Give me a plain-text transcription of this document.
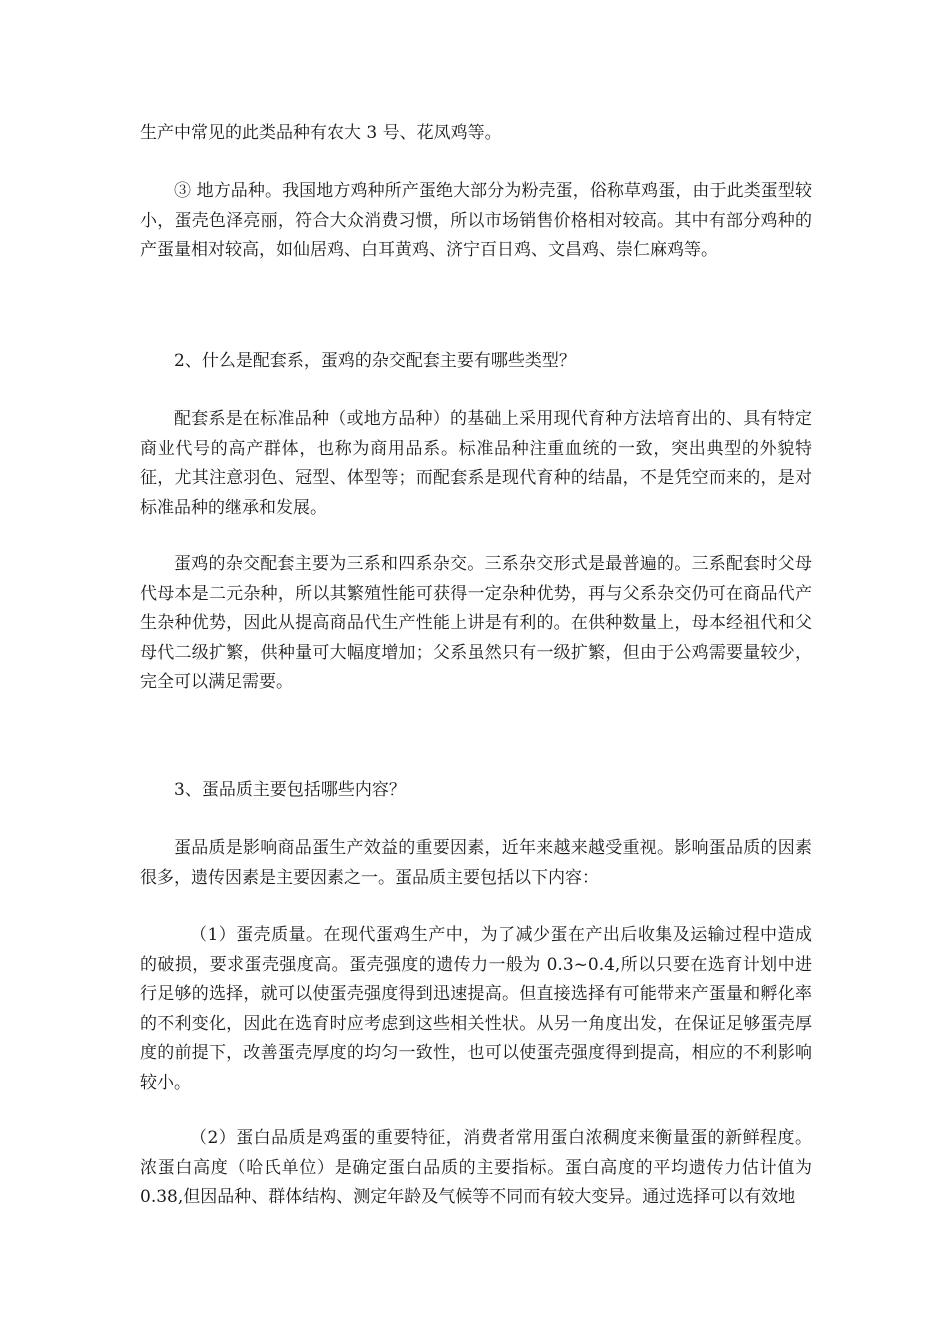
生产中常见的此类品种有农大 3 号、花凤鸡等。

③ 地方品种。我国地方鸡种所产蛋绝大部分为粉壳蛋，俗称草鸡蛋，由于此类蛋型较小，蛋壳色泽亮丽，符合大众消费习惯，所以市场销售价格相对较高。其中有部分鸡种的产蛋量相对较高，如仙居鸡、白耳黄鸡、济宁百日鸡、文昌鸡、崇仁麻鸡等。

2、什么是配套系，蛋鸡的杂交配套主要有哪些类型？

配套系是在标准品种（或地方品种）的基础上采用现代育种方法培育出的、具有特定商业代号的高产群体，也称为商用品系。标准品种注重血统的一致，突出典型的外貌特征，尤其注意羽色、冠型、体型等；而配套系是现代育种的结晶，不是凭空而来的，是对标准品种的继承和发展。

蛋鸡的杂交配套主要为三系和四系杂交。三系杂交形式是最普遍的。三系配套时父母代母本是二元杂种，所以其繁殖性能可获得一定杂种优势，再与父系杂交仍可在商品代产生杂种优势，因此从提高商品代生产性能上讲是有利的。在供种数量上，母本经祖代和父母代二级扩繁，供种量可大幅度增加；父系虽然只有一级扩繁，但由于公鸡需要量较少，完全可以满足需要。

3、蛋品质主要包括哪些内容？

蛋品质是影响商品蛋生产效益的重要因素，近年来越来越受重视。影响蛋品质的因素很多，遗传因素是主要因素之一。蛋品质主要包括以下内容：

（1）蛋壳质量。在现代蛋鸡生产中，为了减少蛋在产出后收集及运输过程中造成的破损，要求蛋壳强度高。蛋壳强度的遗传力一般为 0.3~0.4,所以只要在选育计划中进行足够的选择，就可以使蛋壳强度得到迅速提高。但直接选择有可能带来产蛋量和孵化率的不利变化，因此在选育时应考虑到这些相关性状。从另一角度出发，在保证足够蛋壳厚度的前提下，改善蛋壳厚度的均匀一致性，也可以使蛋壳强度得到提高，相应的不利影响较小。

（2）蛋白品质是鸡蛋的重要特征，消费者常用蛋白浓稠度来衡量蛋的新鲜程度。浓蛋白高度（哈氏单位）是确定蛋白品质的主要指标。蛋白高度的平均遗传力估计值为 0.38,但因品种、群体结构、测定年龄及气候等不同而有较大变异。通过选择可以有效地
